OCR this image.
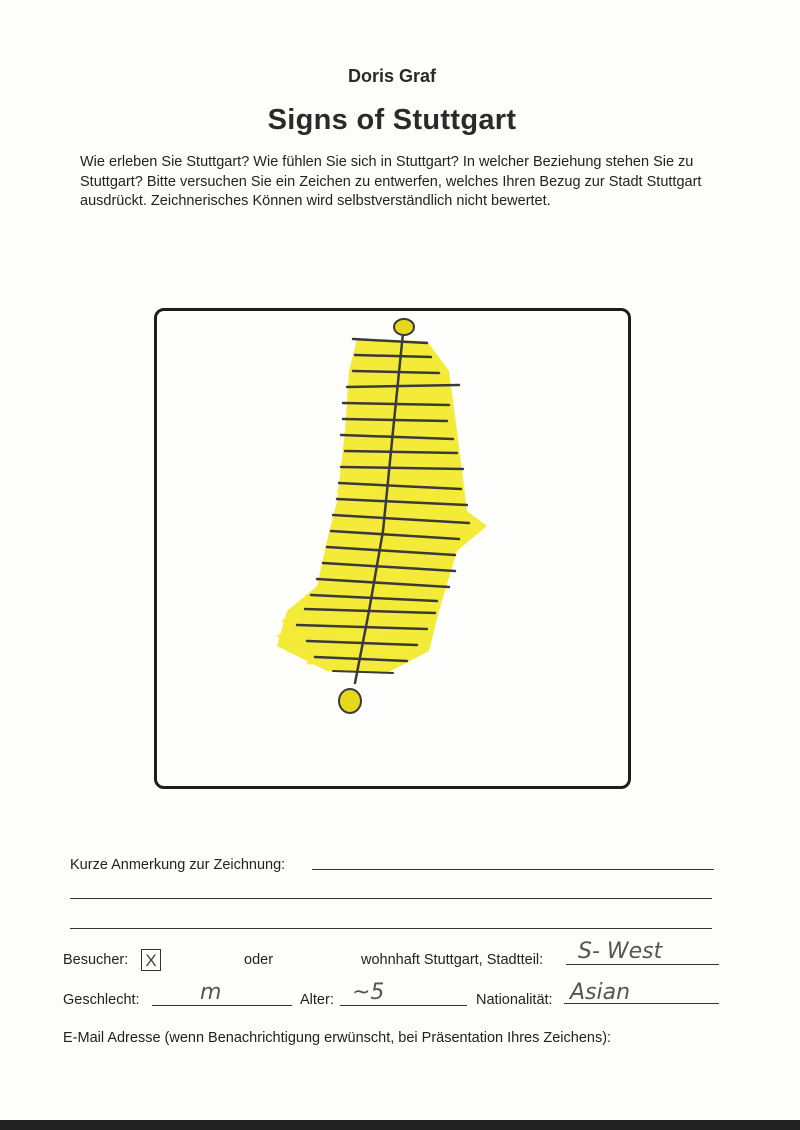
Doris Graf
Signs of Stuttgart
Wie erleben Sie Stuttgart? Wie fühlen Sie sich in Stuttgart? In welcher Beziehung stehen Sie zu Stuttgart? Bitte versuchen Sie ein Zeichen zu entwerfen, welches Ihren Bezug zur Stadt Stuttgart ausdrückt. Zeichnerisches Können wird selbstverständlich nicht bewertet.
Kurze Anmerkung zur Zeichnung:
Besucher: X	oder	wohnhaft Stuttgart, Stadtteil: S- West
Geschlecht:	m	Alter: ~5	Nationalität: Asian
E-Mail Adresse (wenn Benachrichtigung erwünscht, bei Präsentation Ihres Zeichens):
